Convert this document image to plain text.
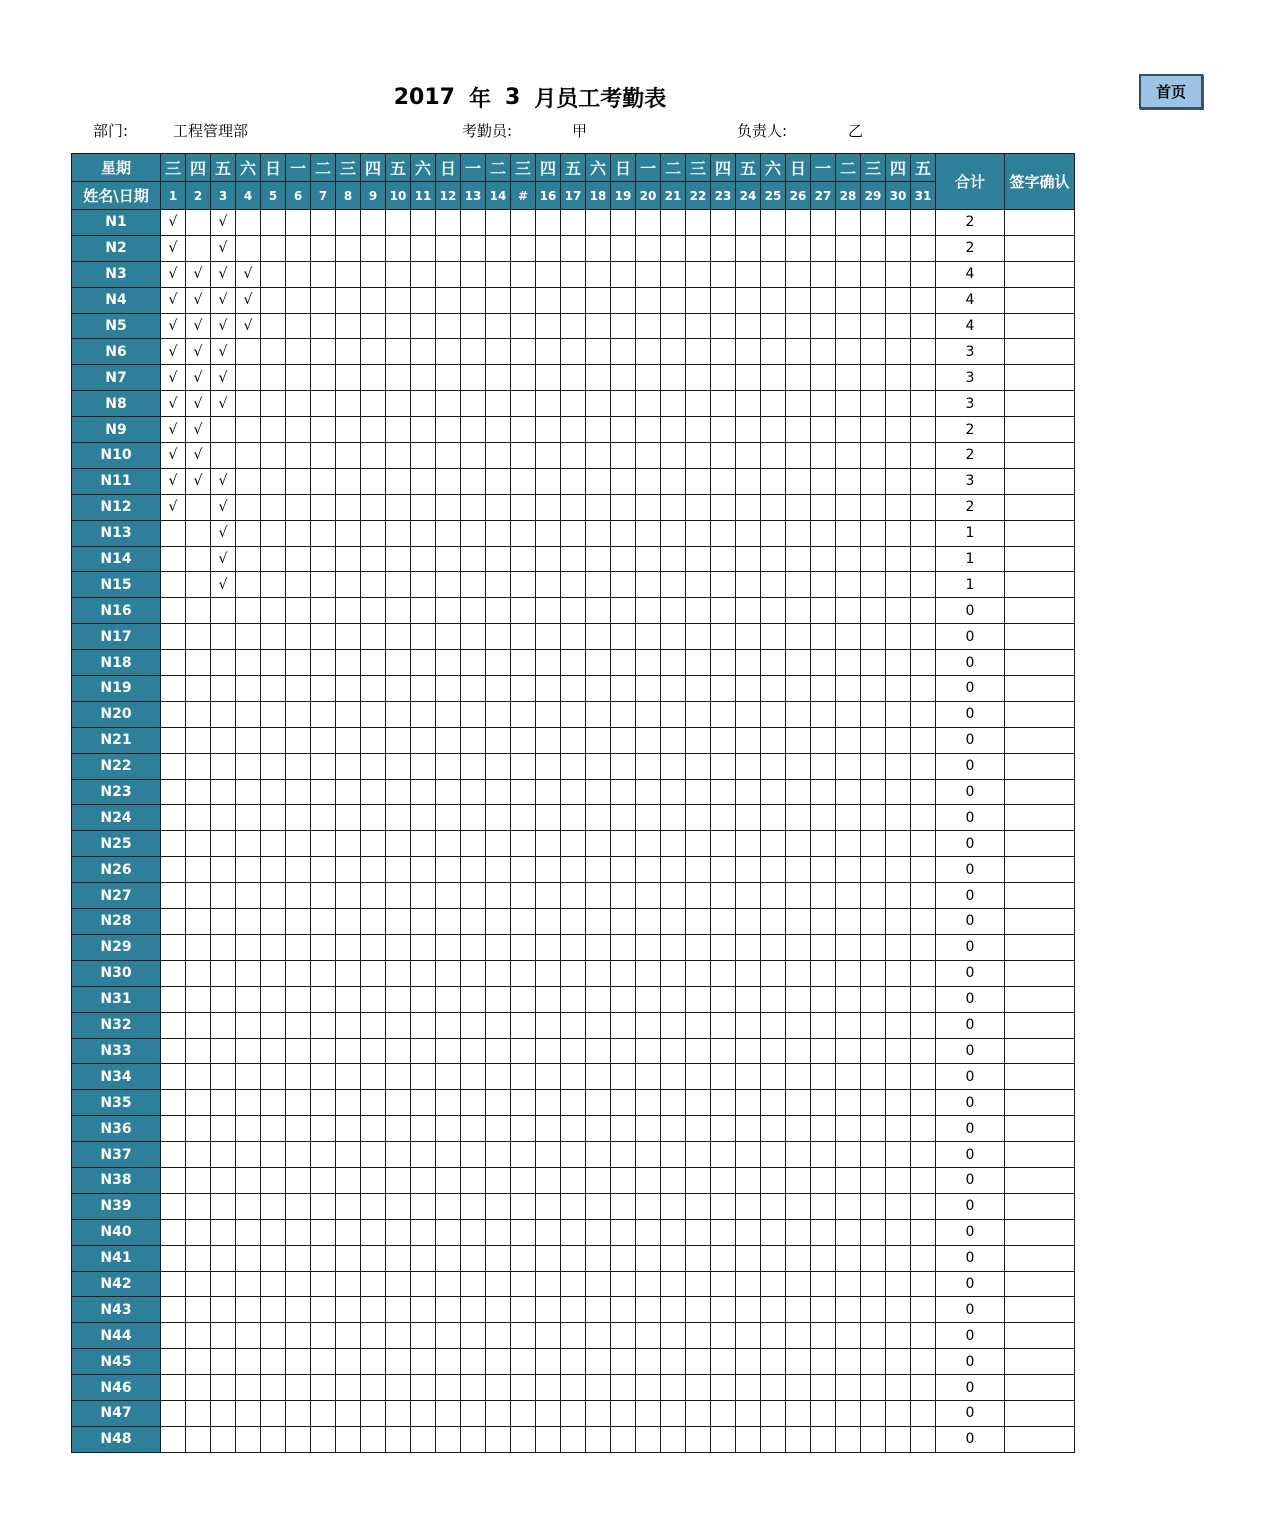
2017 年 3 月员工考勤表	首页
部门:	工程管理部	考勤员:	甲	负责人:	乙
星期	三	四	五	六	日	一	二	三	四	五	六	日	一	二	三	四	五	六	日	一	二	三	四	五	六	日	一	二	三	四	五	合计	签字确认
姓名\日期	1	2	3	4	5	6	7	8	9	10	11	12	13	14	#	16	17	18	19	20	21	22	23	24	25	26	27	28	29	30	31		
N1	√		√																													2	
N2	√		√																													2	
N3	√	√	√	√																												4	
N4	√	√	√	√																												4	
N5	√	√	√	√																												4	
N6	√	√	√																													3	
N7	√	√	√																													3	
N8	√	√	√																													3	
N9	√	√																														2	
N10	√	√																														2	
N11	√	√	√																													3	
N12	√		√																													2	
N13			√																													1	
N14			√																													1	
N15			√																													1	
N16																																0	
N17																																0	
N18																																0	
N19																																0	
N20																																0	
N21																																0	
N22																																0	
N23																																0	
N24																																0	
N25																																0	
N26																																0	
N27																																0	
N28																																0	
N29																																0	
N30																																0	
N31																																0	
N32																																0	
N33																																0	
N34																																0	
N35																																0	
N36																																0	
N37																																0	
N38																																0	
N39																																0	
N40																																0	
N41																																0	
N42																																0	
N43																																0	
N44																																0	
N45																																0	
N46																																0	
N47																																0	
N48																																0	
